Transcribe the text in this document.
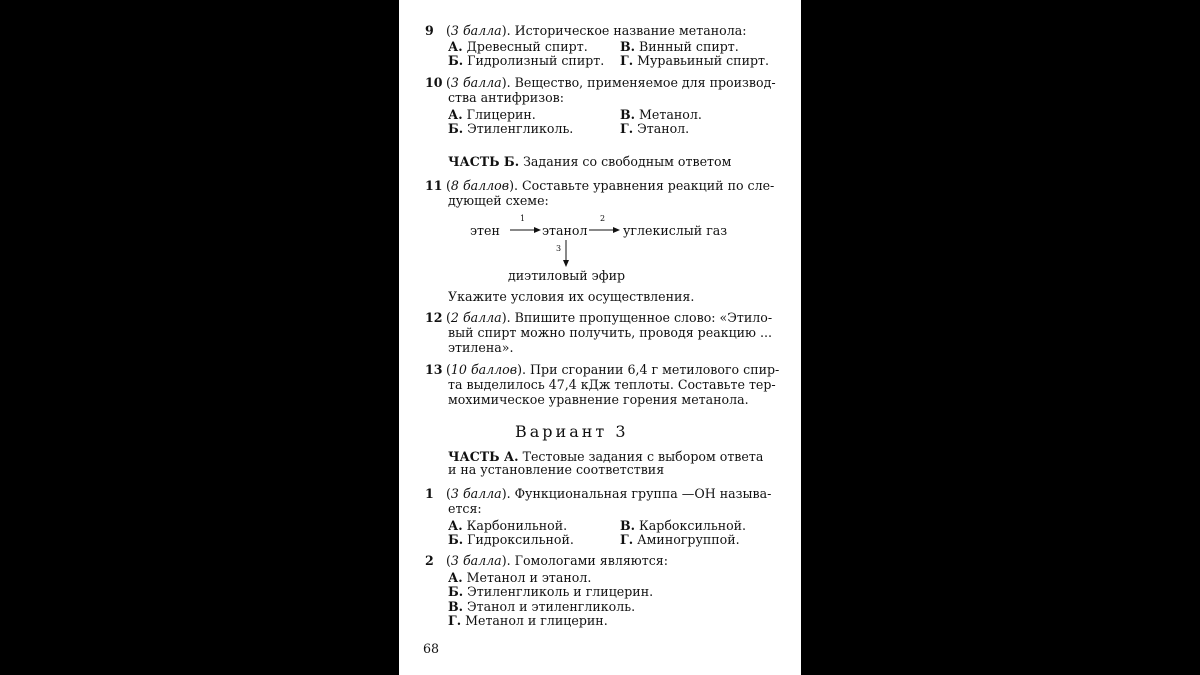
9 (3 балла). Историческое название метанола:
А. Древесный спирт.	В. Винный спирт.
Б. Гидролизный спирт. Г. Муравьиный спирт.
10 (3 балла). Вещество, применяемое для производ-
ства антифризов:
А. Глицерин.	В. Метанол.
Б. Этиленгликоль.	Г. Этанол.
ЧАСТЬ Б. Задания со свободным ответом
11 (8 баллов). Составьте уравнения реакций по сле-
дующей схеме:
этен
1
этанол
2
углекислый газ
3
диэтиловый эфир
Укажите условия их осуществления.
12 (2 балла). Впишите пропущенное слово: «Этило-
вый спирт можно получить, проводя реакцию ...
этилена».
13 (10 баллов). При сгорании 6,4 г метилового спир-
та выделилось 47,4 кДж теплоты. Составьте тер-
мохимическое уравнение горения метанола.
Вариант 3
ЧАСТЬ А. Тестовые задания с выбором ответа
и на установление соответствия
1 (3 балла). Функциональная группа —ОН называ-
ется:
А. Карбонильной.	В. Карбоксильной.
Б. Гидроксильной.	Г. Аминогруппой.
2 (3 балла). Гомологами являются:
А. Метанол и этанол.
Б. Этиленгликоль и глицерин.
В. Этанол и этиленгликоль.
Г. Метанол и глицерин.
68
